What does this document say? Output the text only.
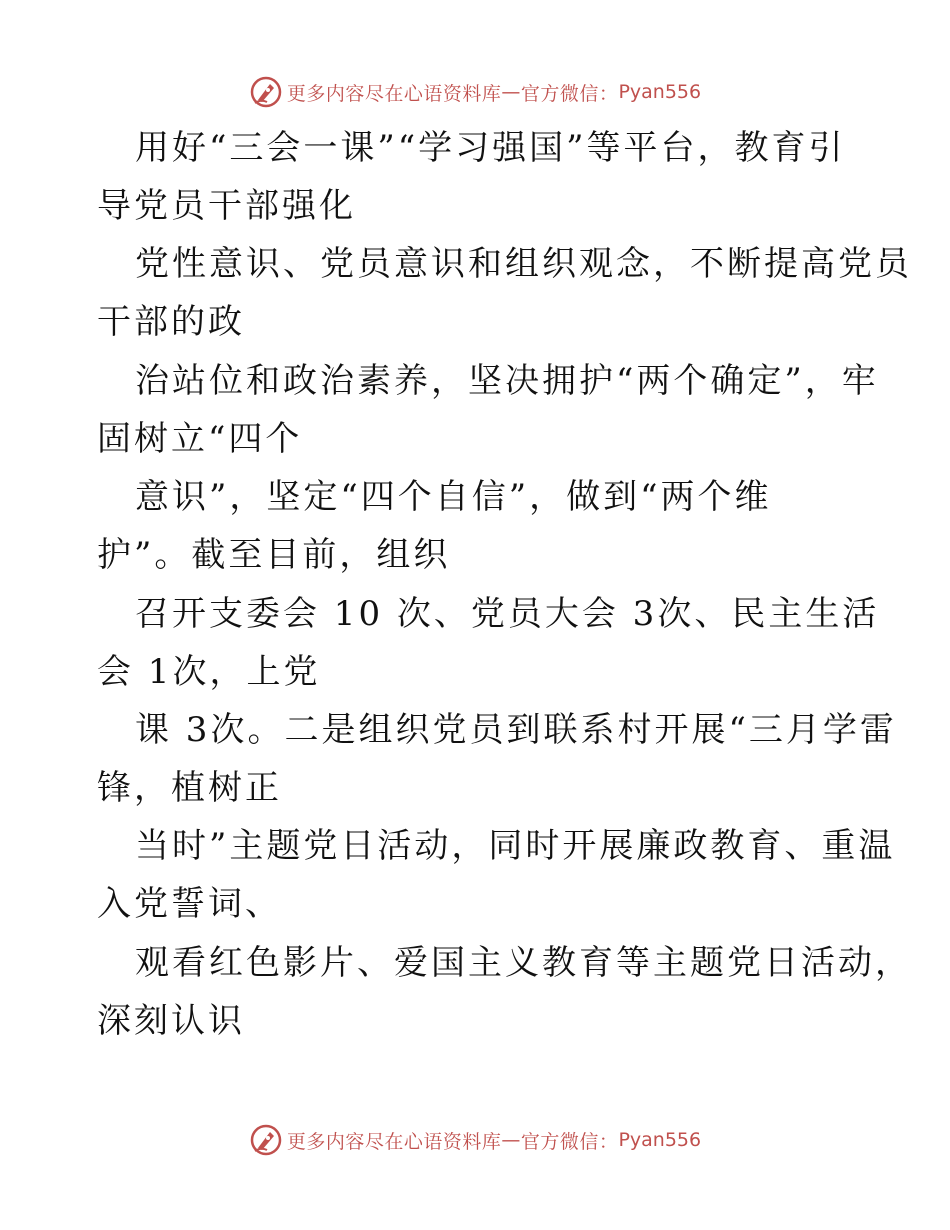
更多内容尽在心语资料库 — 官方微信： Pyan556
用好“三会一课”“学习强国”等平台，教育引
导党员干部强化
党性意识、党员意识和组织观念，不断提高党员
干部的政
治站位和政治素养，坚决拥护“两个确定”，牢
固树立“四个
意识”，坚定“四个自信”，做到“两个维
护”。截至目前，组织
召开支委会 10 次、党员大会 3次、民主生活
会 1次，上党
课 3次。二是组织党员到联系村开展“三月学雷
锋，植树正
当时”主题党日活动，同时开展廉政教育、重温
入党誓词、
观看红色影片、爱国主义教育等主题党日活动，
深刻认识
更多内容尽在心语资料库 — 官方微信： Pyan556
